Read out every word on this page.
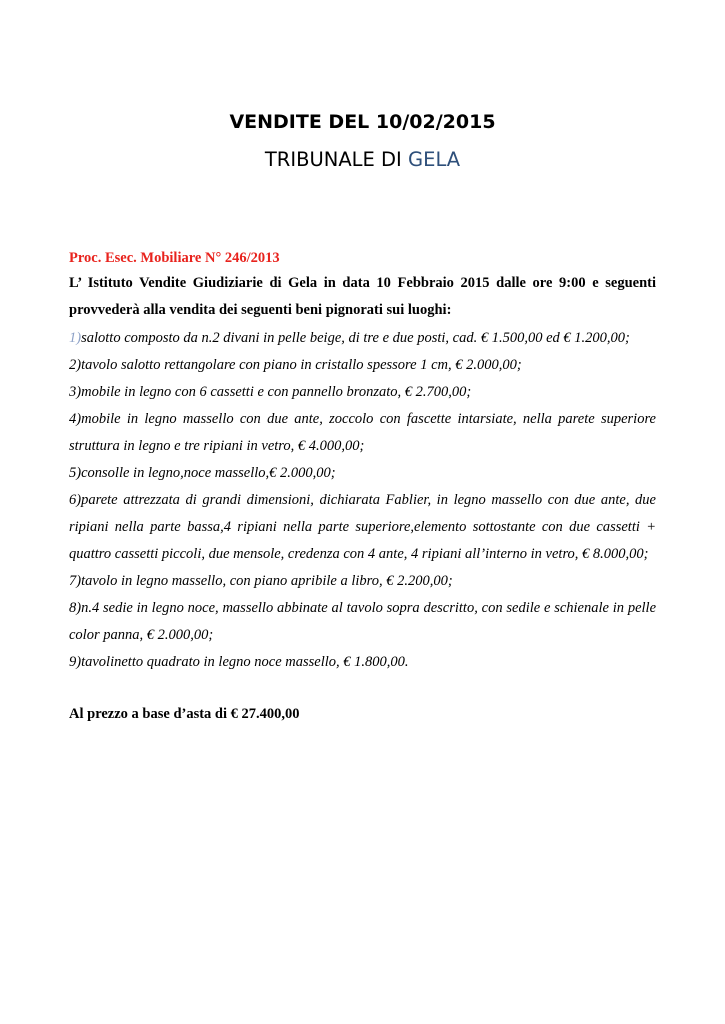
VENDITE DEL 10/02/2015
TRIBUNALE DI GELA
Proc. Esec. Mobiliare N° 246/2013
L’ Istituto Vendite Giudiziarie di Gela in data 10 Febbraio 2015 dalle ore 9:00 e seguenti provvederà alla vendita dei seguenti beni pignorati sui luoghi:
1)salotto composto da n.2 divani in pelle beige, di tre e due posti, cad. € 1.500,00 ed € 1.200,00;
2)tavolo salotto rettangolare con piano in cristallo spessore 1 cm, € 2.000,00;
3)mobile in legno con 6 cassetti e con pannello bronzato, € 2.700,00;
4)mobile in legno massello con due ante, zoccolo con fascette intarsiate, nella parete superiore struttura in legno e tre ripiani in vetro, € 4.000,00;
5)consolle in legno,noce massello,€ 2.000,00;
6)parete attrezzata di grandi dimensioni, dichiarata Fablier, in legno massello con due ante, due ripiani nella parte bassa,4 ripiani nella parte superiore,elemento sottostante con due cassetti + quattro cassetti piccoli, due mensole, credenza con 4 ante, 4 ripiani all’interno in vetro, € 8.000,00;
7)tavolo in legno massello, con piano apribile a libro, € 2.200,00;
8)n.4 sedie in legno noce, massello abbinate al tavolo sopra descritto, con sedile e schienale in pelle color panna, € 2.000,00;
9)tavolinetto quadrato in legno noce massello, € 1.800,00.
Al prezzo a base d’asta di € 27.400,00
